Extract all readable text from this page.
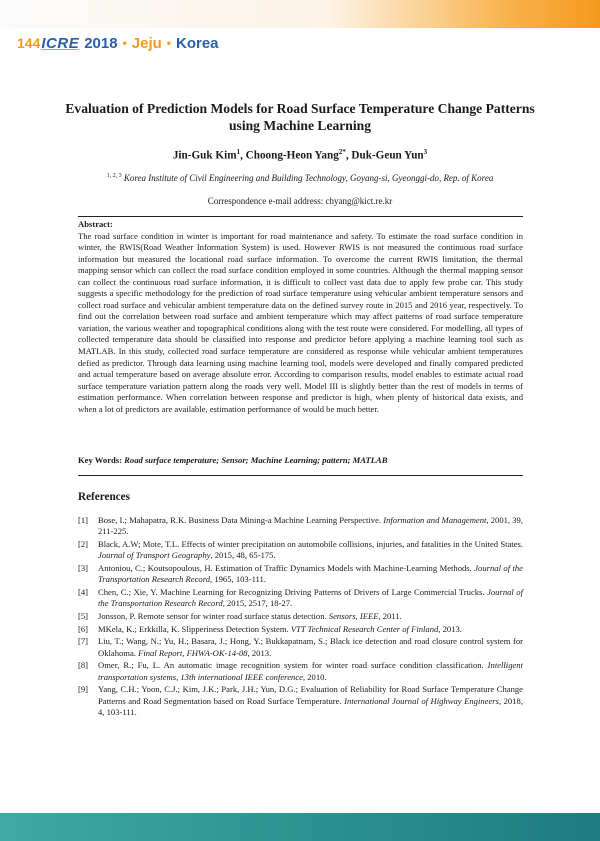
144 ICRE 2018 • Jeju • Korea
Evaluation of Prediction Models for Road Surface Temperature Change Patterns using Machine Learning
Jin-Guk Kim$^1$, Choong-Heon Yang$^{2*}$, Duk-Geun Yun$^3$
$^{1, 2, 3}$ Korea Institute of Civil Engineering and Building Technology, Goyang-si, Gyeonggi-do, Rep. of Korea
Correspondence e-mail address: chyang@kict.re.kr
Abstract:
The road surface condition in winter is important for road maintenance and safety. To estimate the road surface condition in winter, the RWIS(Road Weather Information System) is used. However RWIS is not measured the continuous road surface information but measured the locational road surface information. To overcome the current RWIS limitation, the thermal mapping sensor which can collect the road surface condition employed in some countries. Although the thermal mapping sensor can collect the continuous road surface information, it is difficult to collect vast data due to apply few probe car. This study suggests a specific methodology for the prediction of road surface temperature using vehicular ambient temperature sensors and collect road surface and vehicular ambient temperature data on the defined survey route in 2015 and 2016 year, respectively. To find out the correlation between road surface and ambient temperature which may affect patterns of road surface temperature variation, the various weather and topographical conditions along with the test route were considered. For modelling, all types of collected temperature data should be classified into response and predictor before applying a machine learning tool such as MATLAB. In this study, collected road surface temperature are considered as response while vehicular ambient temperatures defied as predictor. Through data learning using machine learning tool, models were developed and finally compared predicted and actual temperature based on average absolute error. According to comparison results, model enables to estimate actual road surface temperature variation pattern along the roads very well. Model III is slightly better than the rest of models in terms of estimation performance. When correlation between response and predictor is high, when plenty of historical data exists, and when a lot of predictors are available, estimation performance of would be much better.
Key Words: Road surface temperature; Sensor; Machine Learning; pattern; MATLAB
References
[1]	Bose, I.; Mahapatra, R.K. Business Data Mining-a Machine Learning Perspective. Information and Management, 2001, 39, 211-225.
[2]	Black, A.W; Mote, T.L. Effects of winter precipitation on automobile collisions, injuries, and fatalities in the United States. Journal of Transport Geography, 2015, 48, 65-175.
[3]	Antoniou, C.; Koutsopoulous, H. Estimation of Traffic Dynamics Models with Machine-Learning Methods. Journal of the Transportation Research Record, 1965, 103-111.
[4]	Chen, C.; Xie, Y. Machine Learning for Recognizing Driving Patterns of Drivers of Large Commercial Trucks. Journal of the Transportation Research Record, 2015, 2517, 18-27.
[5]	Jonsson, P. Remote sensor for winter road surface status detection. Sensors, IEEE, 2011.
[6]	MKela, K.; Erkkilla, K. Slipperiness Detection System. VTT Technical Research Center of Finland, 2013.
[7]	Liu, T.; Wang, N.; Yu, H.; Basara, J.; Hong, Y.; Bukkapatnam, S.; Black ice detection and road closure control system for Oklahoma. Final Report, FHWA-OK-14-08, 2013.
[8]	Omer, R.; Fu, L. An automatic image recognition system for winter road surface condition classification. Intelligent transportation systems, 13th international IEEE conference, 2010.
[9]	Yang, C.H.; Yoon, C.J.; Kim, J.K.; Park, J.H.; Yun, D.G.; Evaluation of Reliability for Road Surface Temperature Change Patterns and Road Segmentation based on Road Surface Temperature. International Journal of Highway Engineers, 2018, 4, 103-111.
